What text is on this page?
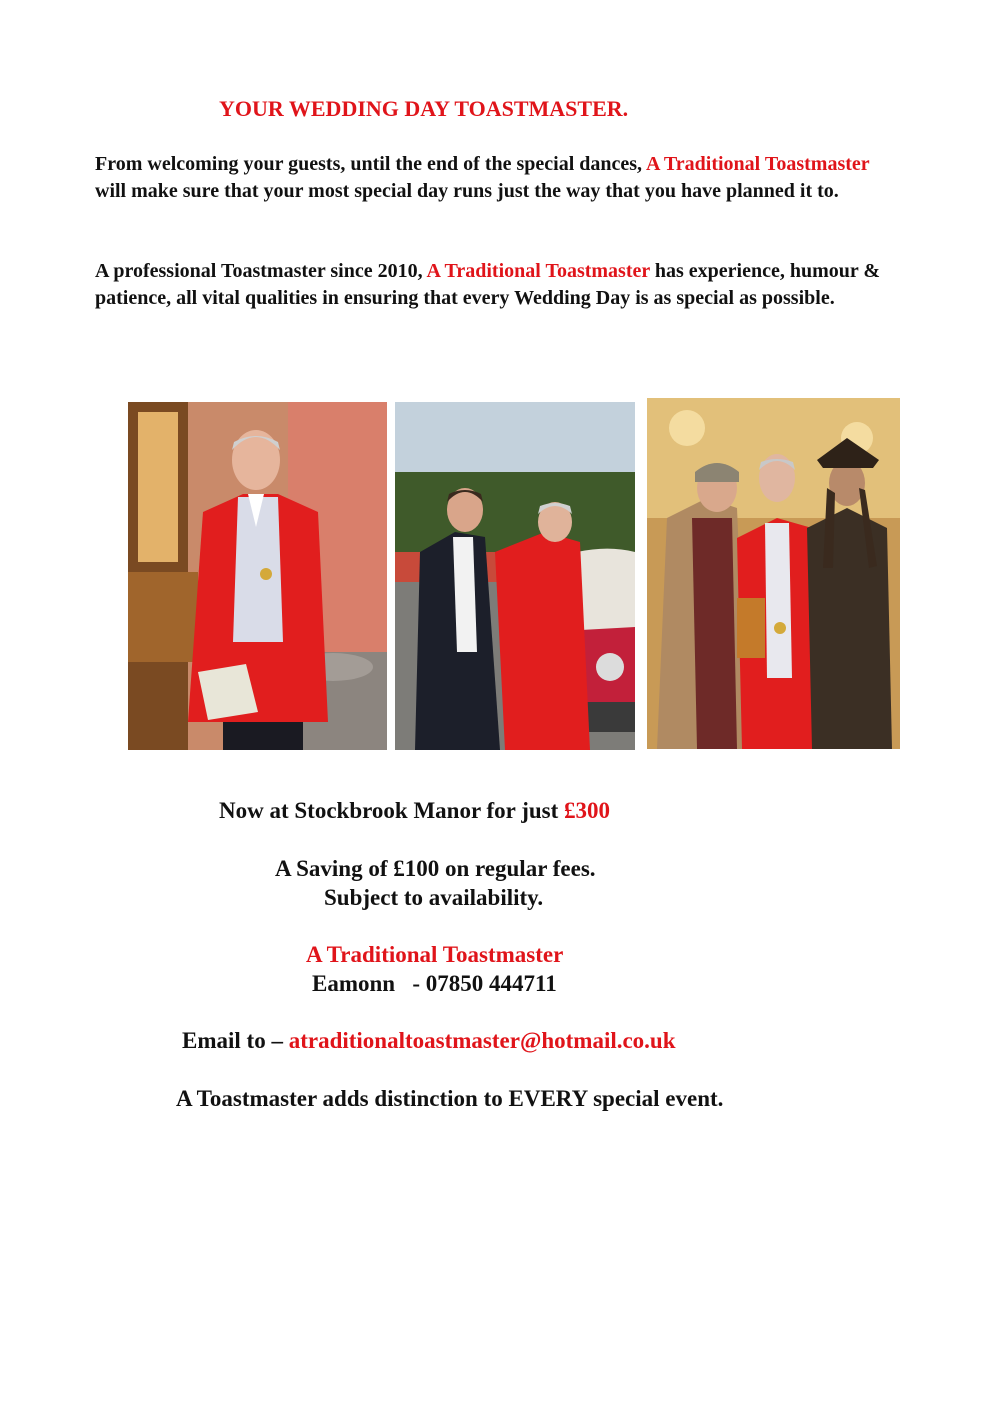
YOUR WEDDING DAY TOASTMASTER.
From welcoming your guests, until the end of the special dances, A Traditional Toastmaster will make sure that your most special day runs just the way that you have planned it to.
A professional Toastmaster since 2010, A Traditional Toastmaster has experience, humour & patience, all vital qualities in ensuring that every Wedding Day is as special as possible.
Now at Stockbrook Manor for just £300
A Saving of £100 on regular fees.
Subject to availability.
A Traditional Toastmaster
Eamonn   - 07850 444711
Email to – atraditionaltoastmaster@hotmail.co.uk
A Toastmaster adds distinction to EVERY special event.
